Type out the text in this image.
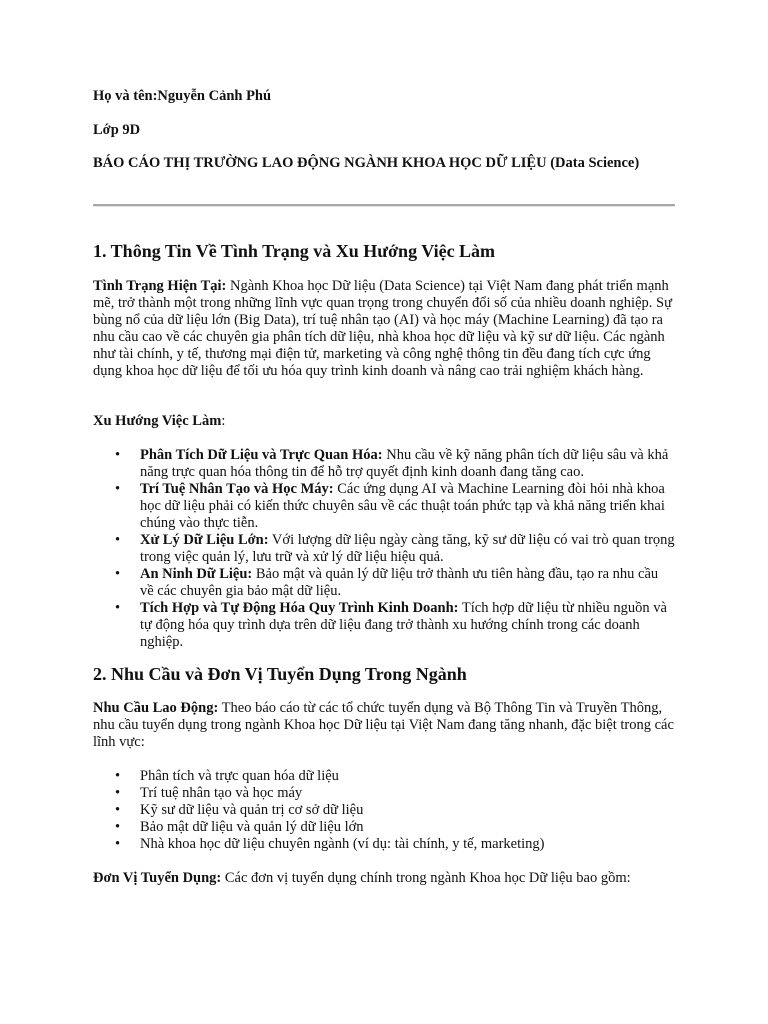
Họ và tên:Nguyễn Cảnh Phú

Lớp 9D

BÁO CÁO THỊ TRƯỜNG LAO ĐỘNG NGÀNH KHOA HỌC DỮ LIỆU (Data Science)

1. Thông Tin Về Tình Trạng và Xu Hướng Việc Làm

Tình Trạng Hiện Tại: Ngành Khoa học Dữ liệu (Data Science) tại Việt Nam đang phát triển mạnh mẽ, trở thành một trong những lĩnh vực quan trọng trong chuyển đổi số của nhiều doanh nghiệp. Sự bùng nổ của dữ liệu lớn (Big Data), trí tuệ nhân tạo (AI) và học máy (Machine Learning) đã tạo ra nhu cầu cao về các chuyên gia phân tích dữ liệu, nhà khoa học dữ liệu và kỹ sư dữ liệu. Các ngành như tài chính, y tế, thương mại điện tử, marketing và công nghệ thông tin đều đang tích cực ứng dụng khoa học dữ liệu để tối ưu hóa quy trình kinh doanh và nâng cao trải nghiệm khách hàng.

Xu Hướng Việc Làm:

• Phân Tích Dữ Liệu và Trực Quan Hóa: Nhu cầu về kỹ năng phân tích dữ liệu sâu và khả năng trực quan hóa thông tin để hỗ trợ quyết định kinh doanh đang tăng cao.
• Trí Tuệ Nhân Tạo và Học Máy: Các ứng dụng AI và Machine Learning đòi hỏi nhà khoa học dữ liệu phải có kiến thức chuyên sâu về các thuật toán phức tạp và khả năng triển khai chúng vào thực tiễn.
• Xử Lý Dữ Liệu Lớn: Với lượng dữ liệu ngày càng tăng, kỹ sư dữ liệu có vai trò quan trọng trong việc quản lý, lưu trữ và xử lý dữ liệu hiệu quả.
• An Ninh Dữ Liệu: Bảo mật và quản lý dữ liệu trở thành ưu tiên hàng đầu, tạo ra nhu cầu về các chuyên gia bảo mật dữ liệu.
• Tích Hợp và Tự Động Hóa Quy Trình Kinh Doanh: Tích hợp dữ liệu từ nhiều nguồn và tự động hóa quy trình dựa trên dữ liệu đang trở thành xu hướng chính trong các doanh nghiệp.
2. Nhu Cầu và Đơn Vị Tuyển Dụng Trong Ngành

Nhu Cầu Lao Động: Theo báo cáo từ các tổ chức tuyển dụng và Bộ Thông Tin và Truyền Thông, nhu cầu tuyển dụng trong ngành Khoa học Dữ liệu tại Việt Nam đang tăng nhanh, đặc biệt trong các lĩnh vực:

• Phân tích và trực quan hóa dữ liệu
• Trí tuệ nhân tạo và học máy
• Kỹ sư dữ liệu và quản trị cơ sở dữ liệu
• Bảo mật dữ liệu và quản lý dữ liệu lớn
• Nhà khoa học dữ liệu chuyên ngành (ví dụ: tài chính, y tế, marketing)

Đơn Vị Tuyển Dụng: Các đơn vị tuyển dụng chính trong ngành Khoa học Dữ liệu bao gồm:
